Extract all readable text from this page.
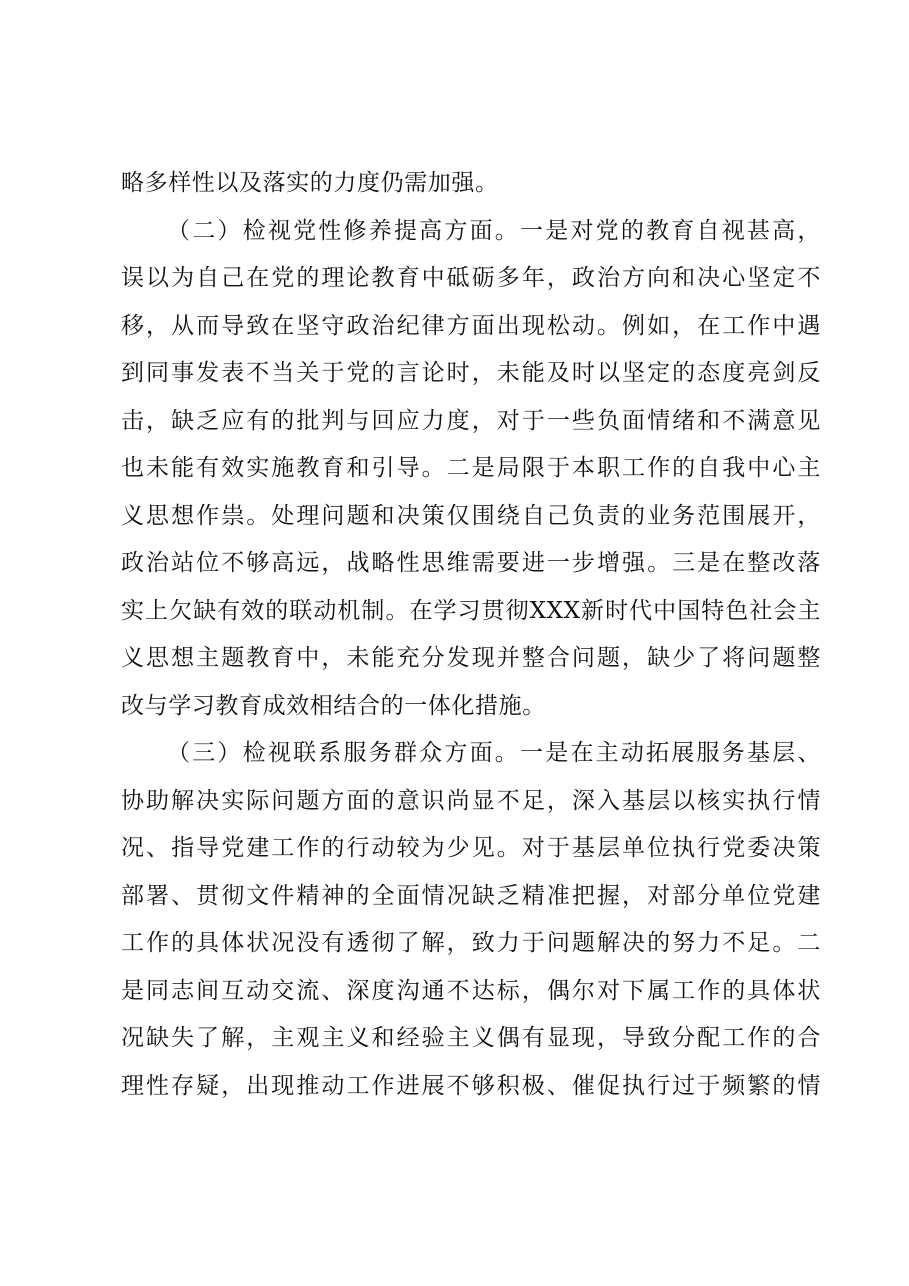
略多样性以及落实的力度仍需加强。
（二）检视党性修养提高方面。一是对党的教育自视甚高，
误以为自己在党的理论教育中砥砺多年，政治方向和决心坚定不
移，从而导致在坚守政治纪律方面出现松动。例如，在工作中遇
到同事发表不当关于党的言论时，未能及时以坚定的态度亮剑反
击，缺乏应有的批判与回应力度，对于一些负面情绪和不满意见
也未能有效实施教育和引导。二是局限于本职工作的自我中心主
义思想作祟。处理问题和决策仅围绕自己负责的业务范围展开，
政治站位不够高远，战略性思维需要进一步增强。三是在整改落
实上欠缺有效的联动机制。在学习贯彻XXX新时代中国特色社会主
义思想主题教育中，未能充分发现并整合问题，缺少了将问题整
改与学习教育成效相结合的一体化措施。
（三）检视联系服务群众方面。一是在主动拓展服务基层、
协助解决实际问题方面的意识尚显不足，深入基层以核实执行情
况、指导党建工作的行动较为少见。对于基层单位执行党委决策
部署、贯彻文件精神的全面情况缺乏精准把握，对部分单位党建
工作的具体状况没有透彻了解，致力于问题解决的努力不足。二
是同志间互动交流、深度沟通不达标，偶尔对下属工作的具体状
况缺失了解，主观主义和经验主义偶有显现，导致分配工作的合
理性存疑，出现推动工作进展不够积极、催促执行过于频繁的情
